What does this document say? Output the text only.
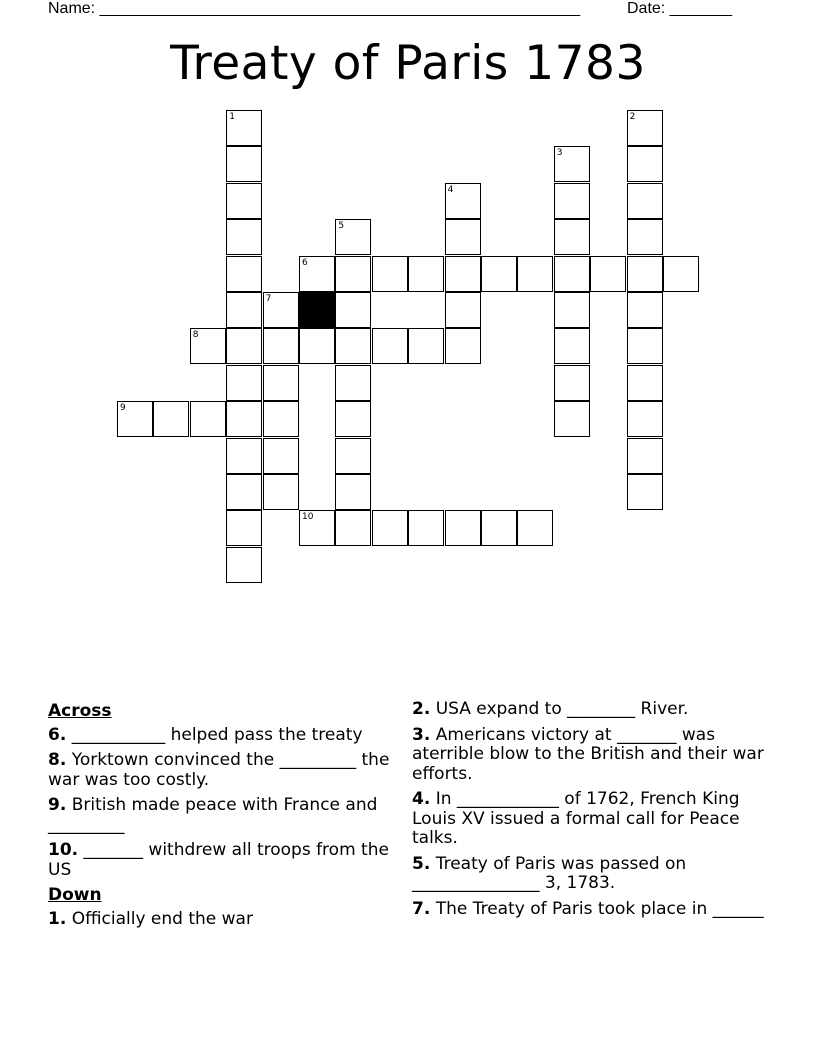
Name: ______________________________________________________	Date: _______
Treaty of Paris 1783
1	2
3
4
5
6
7
8
9
10
Across
6. ___________ helped pass the treaty
8. Yorktown convinced the _________ the war was too costly.
9. British made peace with France and _________
10. _______ withdrew all troops from the US
Down
1. Officially end the war
2. USA expand to ________ River.
3. Americans victory at _______ was aterrible blow to the British and their war efforts.
4. In ____________ of 1762, French King Louis XV issued a formal call for Peace talks.
5. Treaty of Paris was passed on _______________ 3, 1783.
7. The Treaty of Paris took place in ______
